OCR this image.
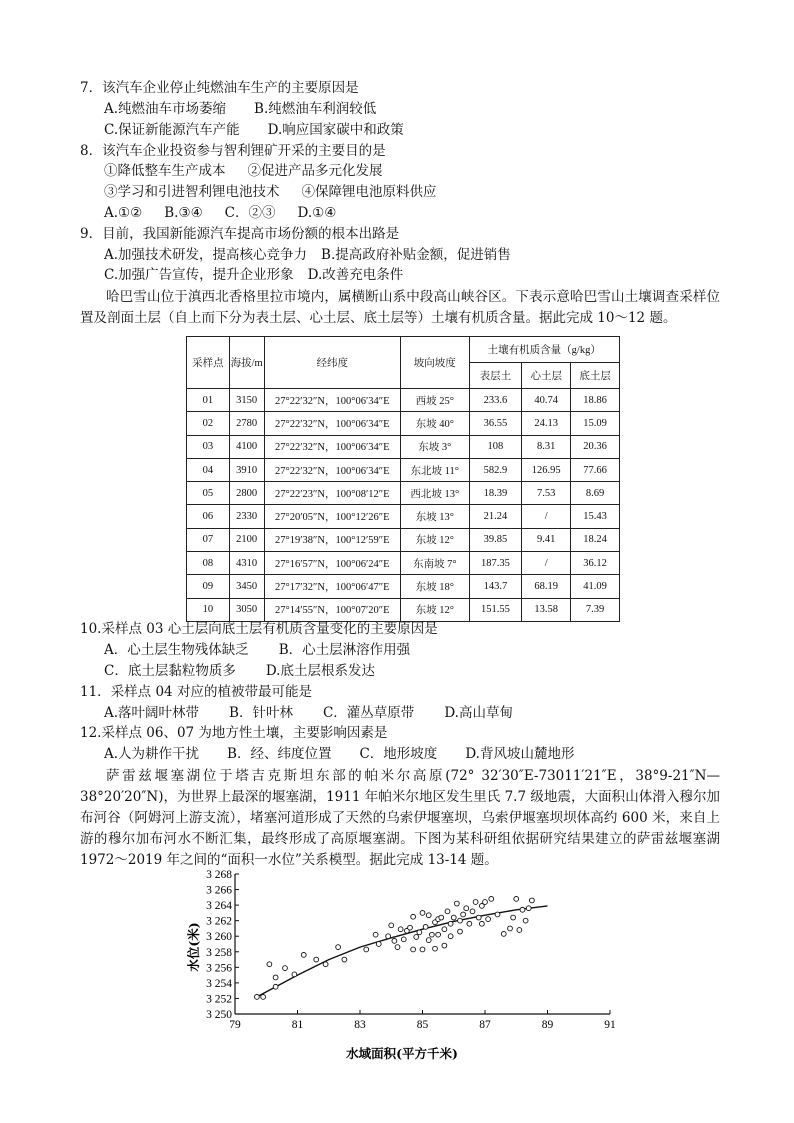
7．该汽车企业停止纯燃油车生产的主要原因是
A.纯燃油车市场萎缩 B.纯燃油车利润较低
C.保证新能源汽车产能 D.响应国家碳中和政策
8．该汽车企业投资参与智利锂矿开采的主要目的是
①降低整车生产成本 ②促进产品多元化发展
③学习和引进智利锂电池技术 ④保障锂电池原料供应
A.①② B.③④ C．②③ D.①④
9．目前，我国新能源汽车提高市场份额的根本出路是
A.加强技术研发，提高核心竞争力 B.提高政府补贴金额，促进销售
C.加强广告宣传，提升企业形象 D.改善充电条件
哈巴雪山位于滇西北香格里拉市境内，属横断山系中段高山峡谷区。下表示意哈巴雪山土壤调查采样位置及剖面土层（自上而下分为表土层、心土层、底土层等）土壤有机质含量。据此完成 10～12 题。
采样点	海拔/m	经纬度	坡向坡度	土壤有机质含量（g/kg）		
				表层土	心土层	底土层
01	3150	27°22′32″N，100°06′34″E	西坡 25°	233.6	40.74	18.86
02	2780	27°22′32″N，100°06′34″E	东坡 40°	36.55	24.13	15.09
03	4100	27°22′32″N，100°06′34″E	东坡 3°	108	8.31	20.36
04	3910	27°22′32″N，100°06′34″E	东北坡 11°	582.9	126.95	77.66
05	2800	27°22′23″N，100°08′12″E	西北坡 13°	18.39	7.53	8.69
06	2330	27°20′05″N，100°12′26″E	东坡 13°	21.24	/	15.43
07	2100	27°19′38″N，100°12′59″E	东坡 12°	39.85	9.41	18.24
08	4310	27°16′57″N，100°06′24″E	东南坡 7°	187.35	/	36.12
09	3450	27°17′32″N，100°06′47″E	东坡 18°	143.7	68.19	41.09
10	3050	27°14′55″N，100°07′20″E	东坡 12°	151.55	13.58	7.39
10.采样点 03 心土层向底土层有机质含量变化的主要原因是
A．心土层生物残体缺乏 B．心土层淋溶作用强
C．底土层黏粒物质多 D.底土层根系发达
11．采样点 04 对应的植被带最可能是
A.落叶阔叶林带 B．针叶林 C．灌丛草原带 D.高山草甸
12.采样点 06、07 为地方性土壤，主要影响因素是
A.人为耕作干扰 B．经、纬度位置 C．地形坡度 D.背风坡山麓地形
萨雷兹堰塞湖位于塔吉克斯坦东部的帕米尔高原(72° 32′30″E-73011′21″E，38°9-21″N—38°20′20″N)，为世界上最深的堰塞湖，1911 年帕米尔地区发生里氏 7.7 级地震，大面积山体滑入穆尔加布河谷（阿姆河上游支流），堵塞河道形成了天然的乌索伊堰塞坝，乌索伊堰塞坝坝体高约 600 米，来自上游的穆尔加布河水不断汇集，最终形成了高原堰塞湖。下图为某科研组依据研究结果建立的萨雷兹堰塞湖 1972～2019 年之间的“面积一水位”关系模型。据此完成 13-14 题。
79	81	83	85	87	89	91
3 250
3 252
3 254
3 256
3 258
3 260
3 262
3 264
3 266
3 268
水域面积(平方千米)
水位(米)
